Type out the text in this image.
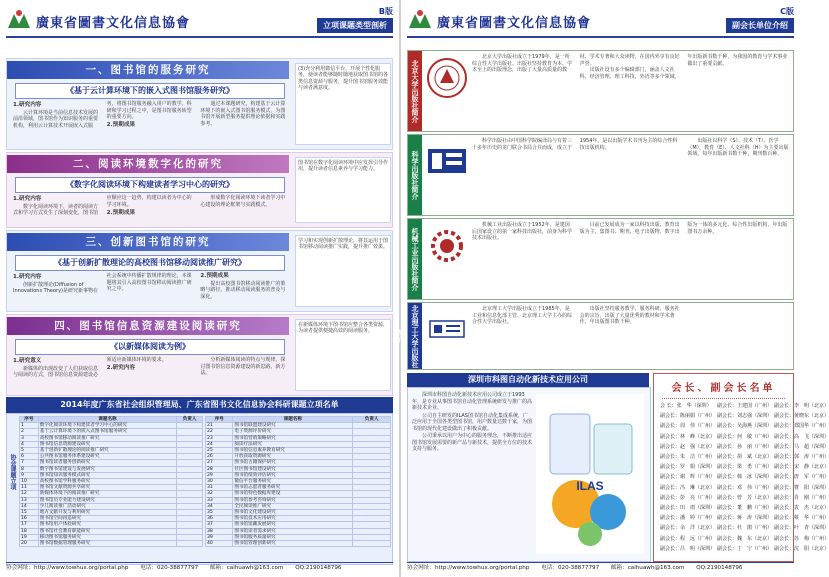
廣東省圖書文化信息協會
B版
立项课题类型剖析
一、图书馆的服务研究
《基于云计算环境下的嵌入式图书馆服务研究》
1.研究内容

云计算环境是当前信息技术发展的前沿领域，图书馆作为知识服务的重要机构，利用云计算技术开展嵌入式服务，将图书馆服务融入用户的教学、科研和学习过程之中，是图书馆服务转型的重要方向。

2.预期成果

通过本课题研究，构建基于云计算环境下的嵌入式图书馆服务模式，为图书馆开展新型服务提供理论依据和实践参考。

(3)充分利用微信平台，开展个性化服务，使读者能够随时随地获取图书馆的各类信息资源与服务，提升图书馆服务效能与读者满意度。
二、阅读环境数字化的研究
《数字化阅读环境下构建读者学习中心的研究》
1.研究内容

数字化阅读环境下，读者的阅读方式和学习方式发生了深刻变化，图书馆应顺应这一趋势，构建以读者为中心的学习环境。

2.预期成果

形成数字化阅读环境下读者学习中心建设的理论框架与实践模式。

图书馆在数字化阅读环境中应发挥引导作用，提升读者信息素养与学习能力。
三、创新图书馆的研究
《基于创新扩散理论的高校图书馆移动阅读推广研究》
1.研究内容

创新扩散理论(Diffusion of Innovations Theory)是研究新事物在社会系统中传播扩散规律的理论，本课题将其引入高校图书馆移动阅读推广研究之中。

2.预期成果

提出高校图书馆移动阅读推广的策略与路径，推动移动阅读服务的普及与深化。

学习和实现创新扩散理论，将其运用于图书馆移动阅读推广实践，提升推广效果。
四、图书馆信息资源建设阅读研究
《以新媒体阅读为例》
1.研究意义

新媒体的出现改变了人们获取信息与阅读的方式，图书馆信息资源建设必须适应新媒体环境的要求。

2.研究内容

分析新媒体阅读的特点与规律，探讨图书馆信息资源建设的新思路、新方法。

在新媒体环境下图书馆应整合各类资源，为读者提供便捷高效的阅读服务。
2014年度广东省社会组织管理局、广东省图书文化信息协会科研课题立项名单
协会课题立项
序号	课题名称	负责人
1	数字化阅读环境下构建读者学习中心的研究	
2	基于云计算环境下的嵌入式图书馆服务研究	
3	高校图书馆移动阅读推广研究	
4	图书馆信息资源建设研究	
5	基于创新扩散理论的阅读推广研究	
6	公共图书馆服务体系建设研究	
7	图书馆读者服务创新研究	
8	数字图书馆建设与发展研究	
9	图书馆知识服务模式研究	
10	高校图书馆学科服务研究	
11	图书馆文献资源共享研究	
12	新媒体环境下的阅读推广研究	
13	图书馆员专业能力建设研究	
14	少儿阅读推广活动研究	
15	地方文献开发与利用研究	
16	图书馆空间再造研究	
17	图书馆用户体验研究	
18	图书馆社会教育职能研究	
19	移动图书馆服务研究	
20	图书馆数据管理服务研究	
序号	课题名称	负责人
21	图书馆联盟建设研究	
22	电子资源评价研究	
23	图书馆营销策略研究	
24	阅读疗法研究	
25	图书馆信息素养教育研究	
26	开放获取资源研究	
27	图书馆古籍保护研究	
28	社区图书馆建设研究	
29	图书馆绩效评估研究	
30	微信平台服务研究	
31	图书馆志愿者服务研究	
32	图书馆特色数据库建设	
33	图书馆参考咨询研究	
34	全民阅读推广研究	
35	图书馆文化建设研究	
36	图书馆技术应用研究	
37	图书馆馆藏发展研究	
38	图书馆读者需求研究	
39	图书馆服务质量研究	
40	图书馆管理创新研究	
协会网址：http://www.towhux.org/portal.php 电话：020-38877797 邮箱：caihuawh@163.com QQ:2190148796
廣東省圖書文化信息協會
C版
副会长单位介绍
北京大学出版社简介

北京大学出版社成立于1979年，是一所综合性大学出版社。出版社坚持教育为本、学术至上的出版理念，出版了大量高质量的教材、学术专著和大众读物，在国内外享有良好声誉。

出版社设有多个编辑部门，涵盖人文社科、经济管理、理工科技、外语等多个领域，年出版新书数千种，为我国的教育与学术事业做出了重要贡献。

科学出版社简介

科学出版社由中国科学院编译局与有着三十多年历史的龙门联合书局合并而成，成立于1954年，是以出版学术书刊为主的综合性科技出版机构。

出版社以科学（S）、技术（T）、医学（M）、教育（E）、人文社科（H）为主要出版领域，每年出版新书数千种，期刊数百种。

机械工业出版社简介

机械工业出版社成立于1952年，是建国后国家设立的第一家科技出版社，前身为科学技术出版社。

目前已发展成为一家以科技出版、教育出版为主，集图书、期刊、电子出版物、数字出版为一体的多元化、综合性出版机构，年出版图书万余种。

北京理工大学出版社简介

北京理工大学出版社成立于1985年，是工业和信息化部主管、北京理工大学主办的综合性大学出版社。

出版社坚持服务教学、服务科研、服务社会的宗旨，出版了大量优秀的教材和学术著作，年出版图书数千种。

深圳市科图自动化新技术应用公司

深圳市科图自动化新技术应用公司成立于1993年，是专业从事图书馆自动化管理系统研发与推广的高新技术企业。

公司自主研发的ILAS图书馆自动化集成系统，广泛应用于全国各类型图书馆，用户数量达数千家，为图书馆的现代化建设做出了积极贡献。

公司秉承以用户为中心的服务理念，不断推出适应图书馆发展需要的新产品与新技术，提供全方位的技术支持与服务。

ILAS
会长、副会长名单
会 长：张　华（深圳）	副会长：王建国（广州） 副会长：李　明（北京）
副会长：陈丽娟（广州） 副会长：刘志强（深圳） 副会长：黄晓东（北京）
副会长：周　伟（广州） 副会长：吴海燕（深圳） 副会长：郑国华（广州）
副会长：林　峰（北京） 副会长：何　敏（广州） 副会长：高　飞（深圳）
副会长：赵　强（北京） 副会长：孙　丽（广州） 副会长：马　超（深圳）
副会长：朱　洁（广州） 副会长：胡　斌（北京） 副会长：郭　涛（广州）
副会长：罗　娟（深圳） 副会长：梁　勇（广州） 副会长：宋　静（北京）
副会长：谢　辉（广州） 副会长：韩　冰（深圳） 副会长：唐　军（广州）
副会长：冯　琳（北京） 副会长：邓　伟（广州） 副会长：曹　阳（深圳）
副会长：彭　亮（广州） 副会长：曾　芳（北京） 副会长：肖　刚（广州）
副会长：田　雨（深圳） 副会长：董　鹏（广州） 副会长：袁　杰（北京）
副会长：潘　婷（广州） 副会长：蒋　涛（深圳） 副会长：蔡　华（广州）
副会长：余　洋（北京） 副会长：杜　鹃（广州） 副会长：叶　青（深圳）
副会长：程　远（广州） 副会长：魏　东（北京） 副会长：苏　梅（广州）
副会长：吕　明（深圳） 副会长：丁　宁（广州） 副会长：沈　阳（北京）
协会网址：http://www.towhux.org/portal.php 电话：020-38877797 邮箱：caihuawh@163.com QQ:2190148796
